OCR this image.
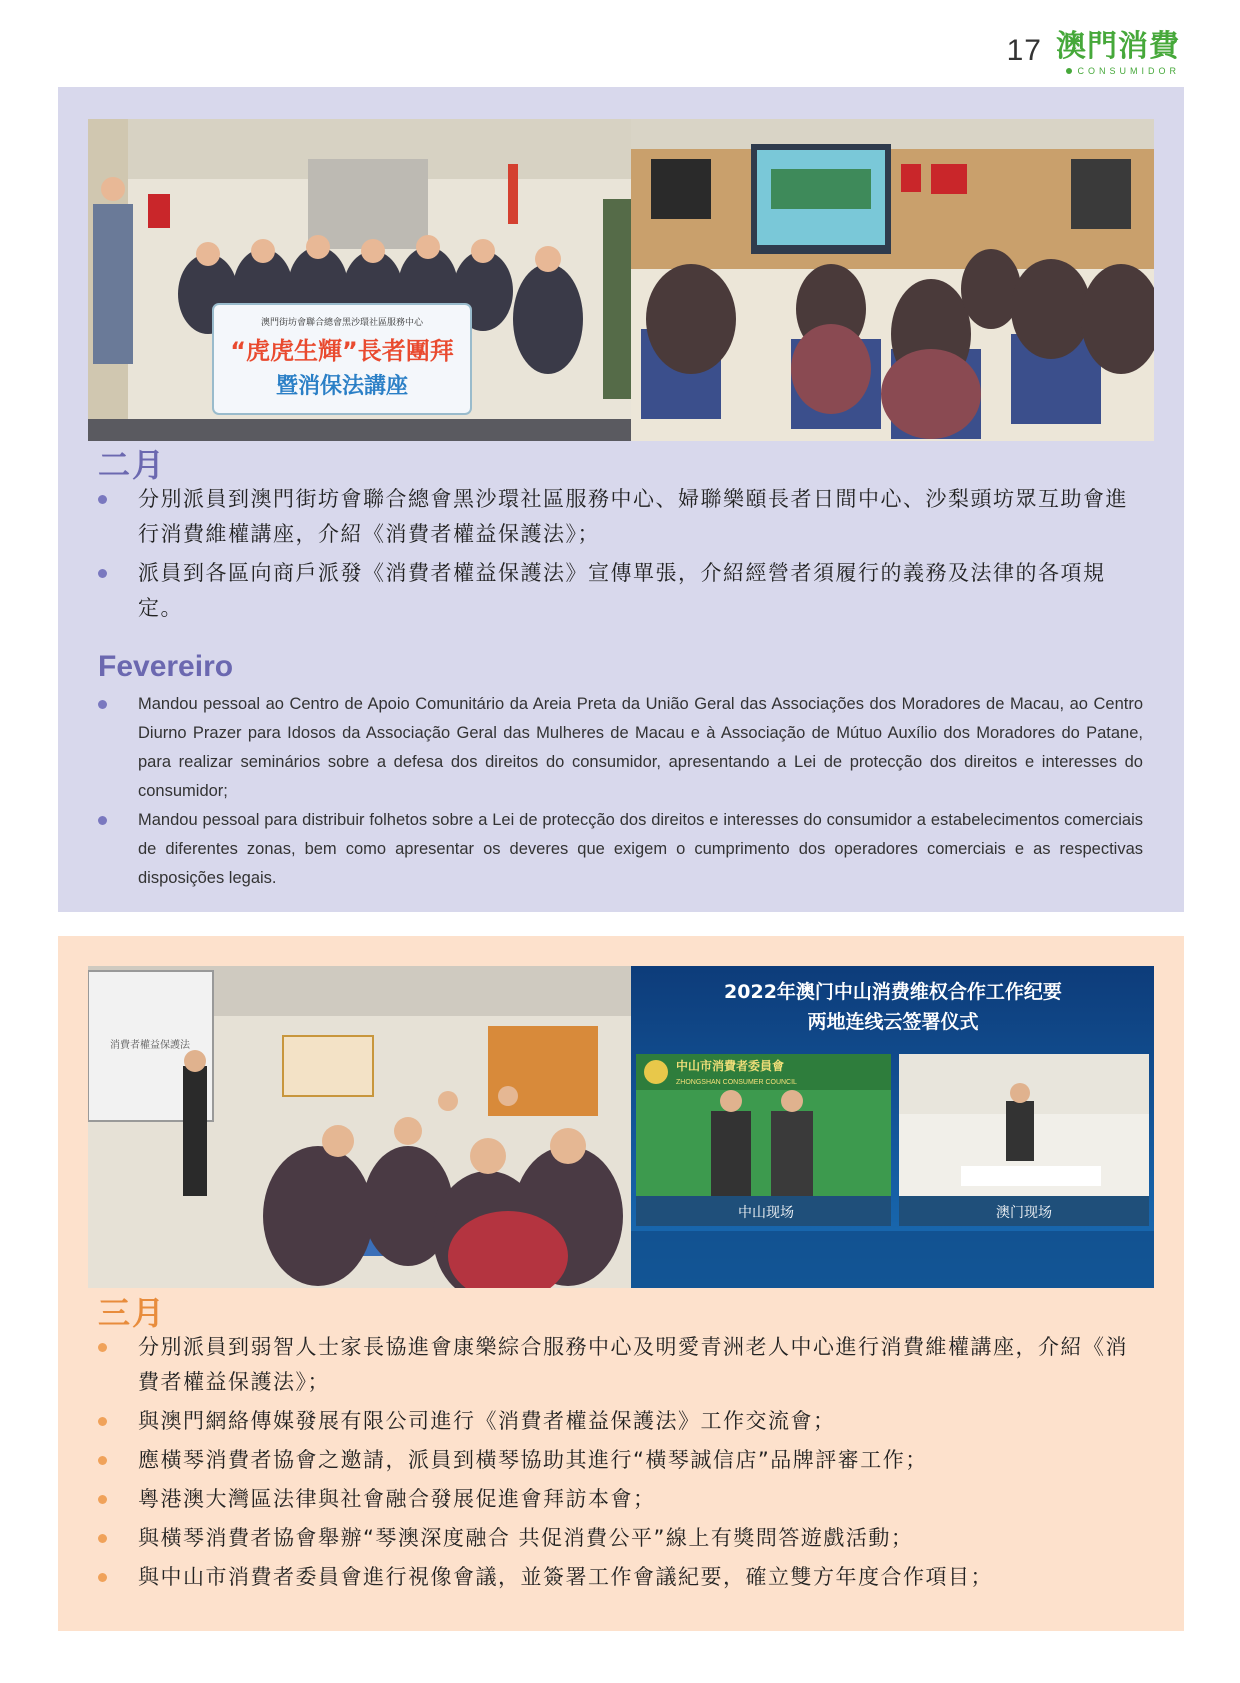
17 澳門消費
CONSUMIDOR
澳門街坊會聯合總會黑沙環社區服務中心
“虎虎生輝”長者團拜
暨消保法講座
二月
分別派員到澳門街坊會聯合總會黑沙環社區服務中心、婦聯樂頤長者日間中心、沙梨頭坊眾互助會進行消費維權講座，介紹《消費者權益保護法》；
派員到各區向商戶派發《消費者權益保護法》宣傳單張，介紹經營者須履行的義務及法律的各項規定。
Fevereiro
Mandou pessoal ao Centro de Apoio Comunitário da Areia Preta da União Geral das Associações dos Moradores de Macau, ao Centro Diurno Prazer para Idosos da Associação Geral das Mulheres de Macau e à Associação de Mútuo Auxílio dos Moradores do Patane, para realizar seminários sobre a defesa dos direitos do consumidor, apresentando a Lei de protecção dos direitos e interesses do consumidor;
Mandou pessoal para distribuir folhetos sobre a Lei de protecção dos direitos e interesses do consumidor a estabelecimentos comerciais de diferentes zonas, bem como apresentar os deveres que exigem o cumprimento dos operadores comerciais e as respectivas disposições legais.
消費者權益保護法
2022年澳门中山消费维权合作工作纪要
两地连线云签署仪式
中山市消費者委員會
ZHONGSHAN CONSUMER COUNCIL
中山现场	澳门现场
三月
分別派員到弱智人士家長協進會康樂綜合服務中心及明愛青洲老人中心進行消費維權講座，介紹《消費者權益保護法》；
與澳門網絡傳媒發展有限公司進行《消費者權益保護法》工作交流會；
應橫琴消費者協會之邀請，派員到橫琴協助其進行“橫琴誠信店”品牌評審工作；
粵港澳大灣區法律與社會融合發展促進會拜訪本會；
與橫琴消費者協會舉辦“琴澳深度融合 共促消費公平”線上有獎問答遊戲活動；
與中山市消費者委員會進行視像會議，並簽署工作會議紀要，確立雙方年度合作項目；
